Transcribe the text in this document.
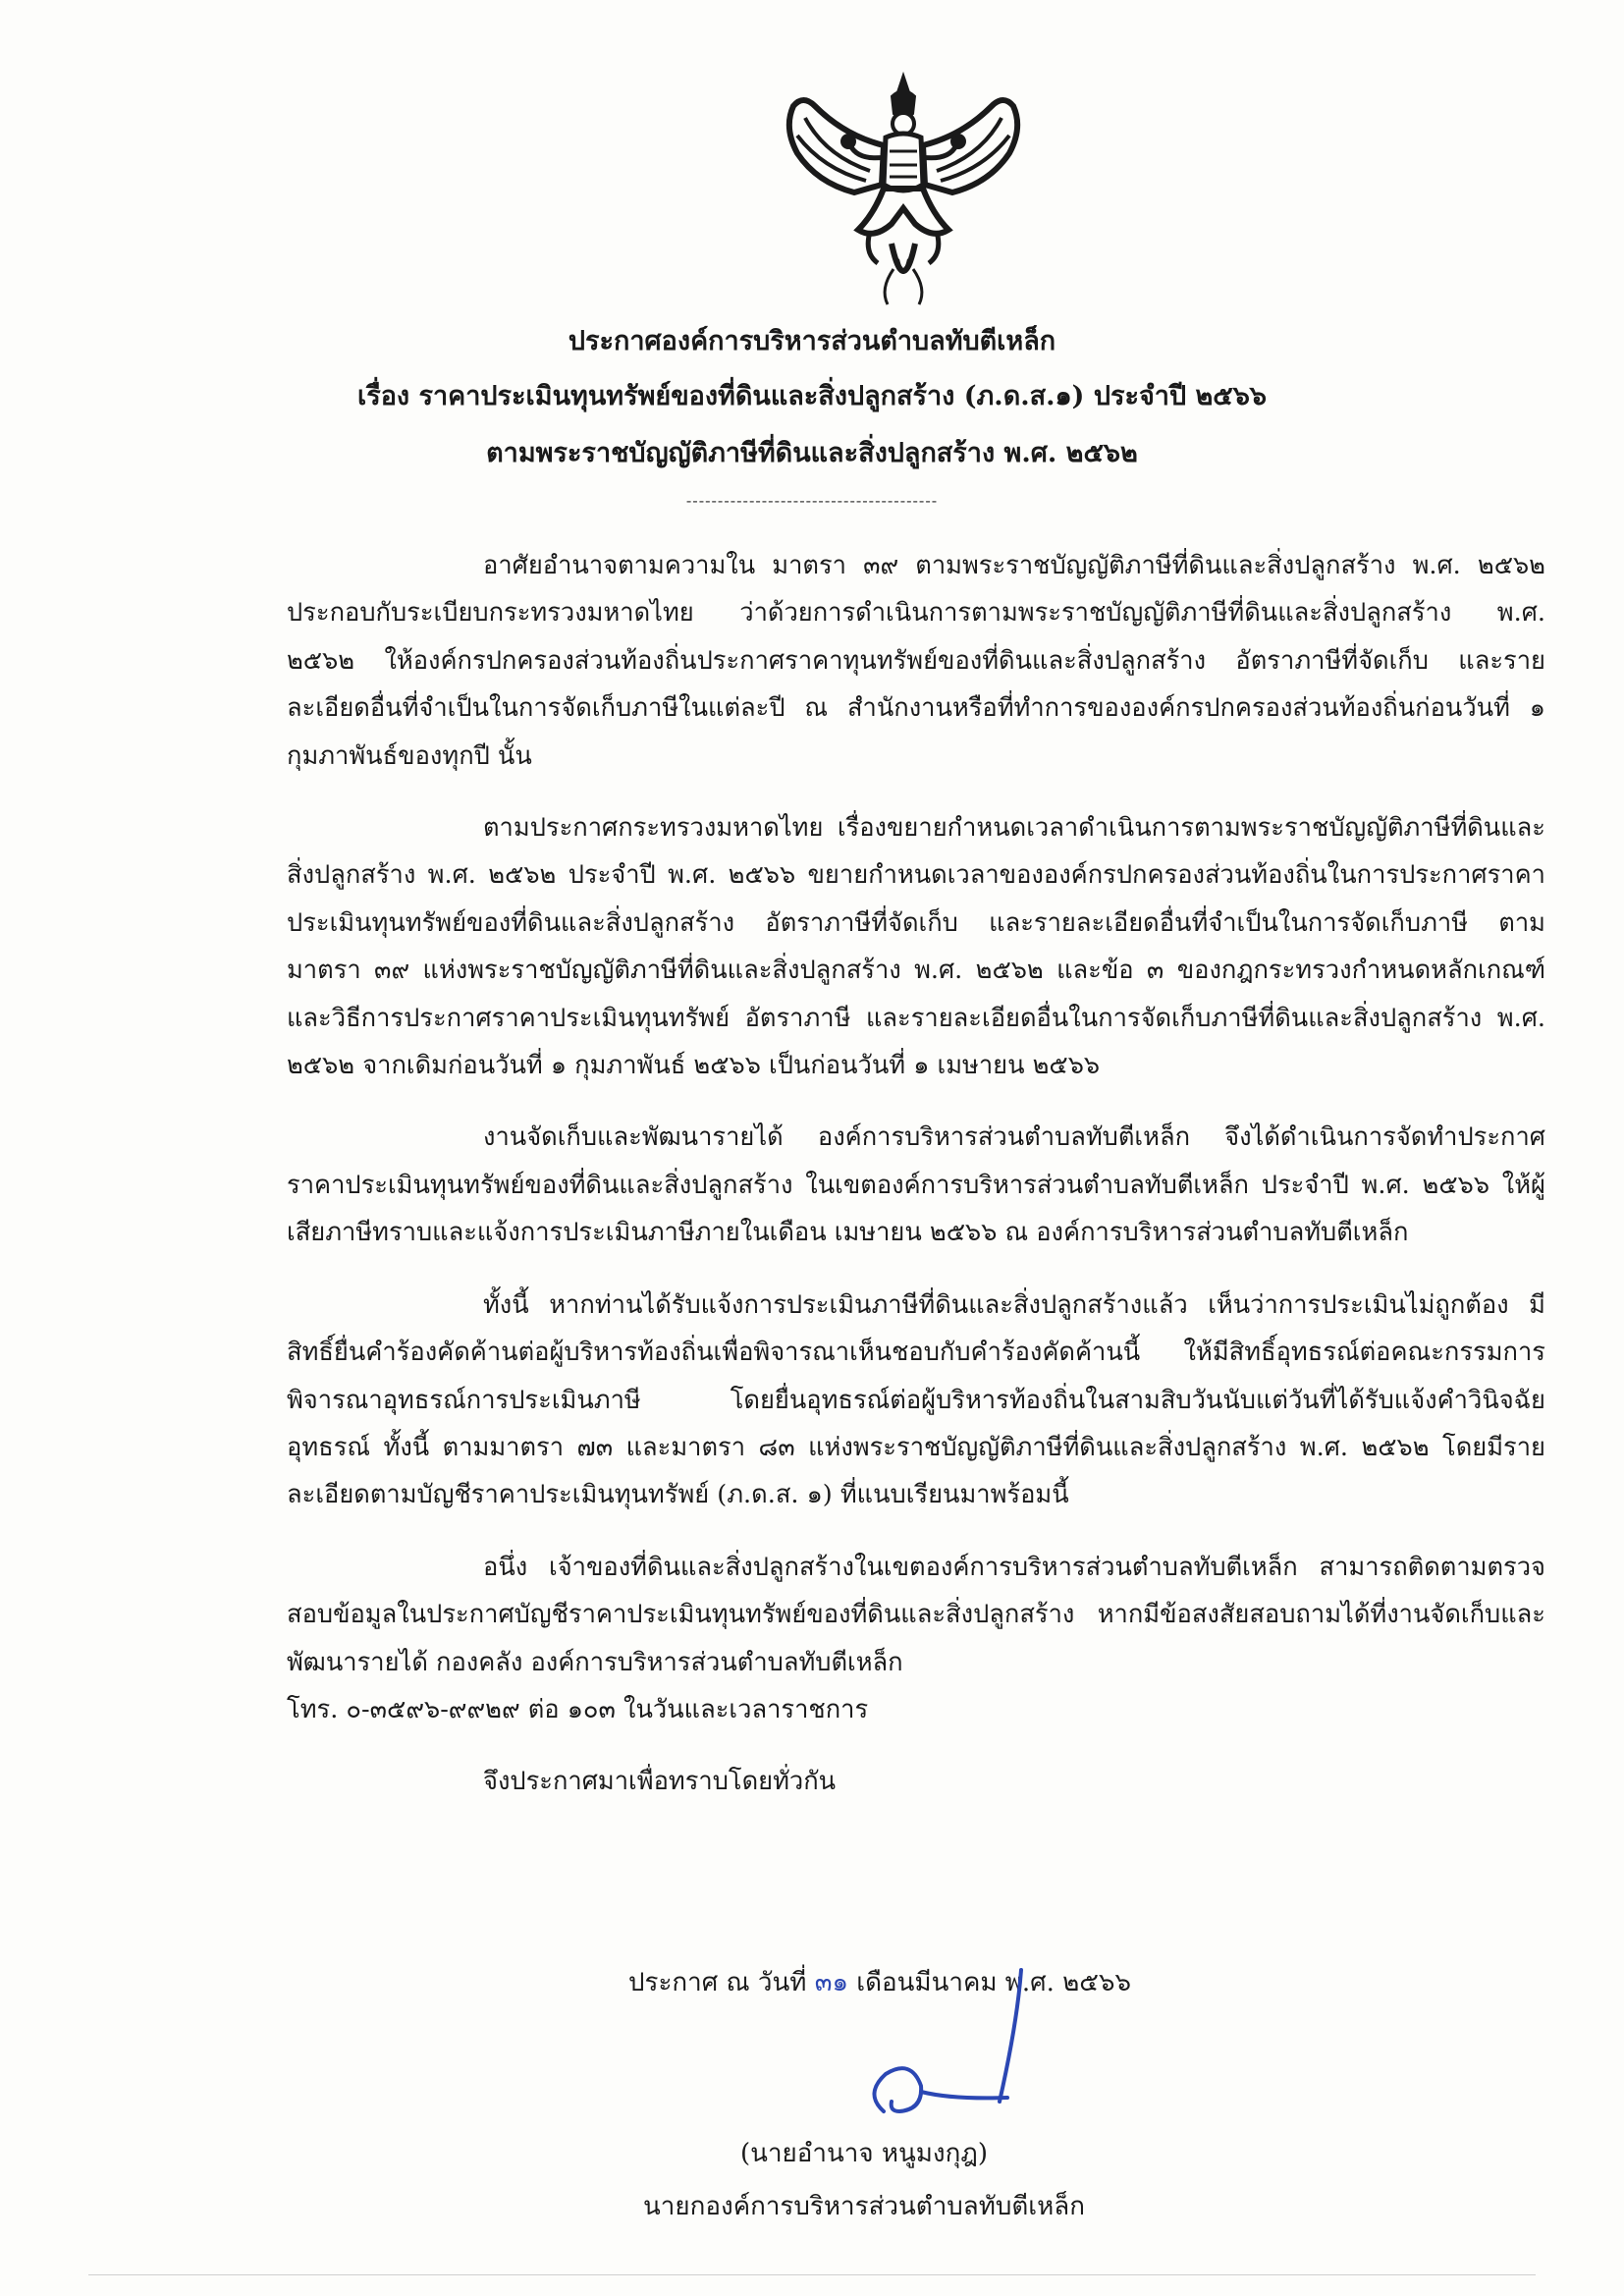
ประกาศองค์การบริหารส่วนตำบลทับตีเหล็ก
เรื่อง ราคาประเมินทุนทรัพย์ของที่ดินและสิ่งปลูกสร้าง (ภ.ด.ส.๑) ประจำปี ๒๕๖๖
ตามพระราชบัญญัติภาษีที่ดินและสิ่งปลูกสร้าง พ.ศ. ๒๕๖๒
----------------------------------------

อาศัยอำนาจตามความใน มาตรา ๓๙ ตามพระราชบัญญัติภาษีที่ดินและสิ่งปลูกสร้าง พ.ศ. ๒๕๖๒ ประกอบกับระเบียบกระทรวงมหาดไทย ว่าด้วยการดำเนินการตามพระราชบัญญัติภาษีที่ดินและสิ่งปลูกสร้าง พ.ศ. ๒๕๖๒ ให้องค์กรปกครองส่วนท้องถิ่นประกาศราคาทุนทรัพย์ของที่ดินและสิ่งปลูกสร้าง อัตราภาษีที่จัดเก็บ และรายละเอียดอื่นที่จำเป็นในการจัดเก็บภาษีในแต่ละปี ณ สำนักงานหรือที่ทำการขององค์กรปกครองส่วนท้องถิ่นก่อนวันที่ ๑ กุมภาพันธ์ของทุกปี นั้น

ตามประกาศกระทรวงมหาดไทย เรื่องขยายกำหนดเวลาดำเนินการตามพระราชบัญญัติภาษีที่ดินและสิ่งปลูกสร้าง พ.ศ. ๒๕๖๒ ประจำปี พ.ศ. ๒๕๖๖ ขยายกำหนดเวลาขององค์กรปกครองส่วนท้องถิ่นในการประกาศราคาประเมินทุนทรัพย์ของที่ดินและสิ่งปลูกสร้าง อัตราภาษีที่จัดเก็บ และรายละเอียดอื่นที่จำเป็นในการจัดเก็บภาษี ตามมาตรา ๓๙ แห่งพระราชบัญญัติภาษีที่ดินและสิ่งปลูกสร้าง พ.ศ. ๒๕๖๒ และข้อ ๓ ของกฎกระทรวงกำหนดหลักเกณฑ์และวิธีการประกาศราคาประเมินทุนทรัพย์ อัตราภาษี และรายละเอียดอื่นในการจัดเก็บภาษีที่ดินและสิ่งปลูกสร้าง พ.ศ. ๒๕๖๒ จากเดิมก่อนวันที่ ๑ กุมภาพันธ์ ๒๕๖๖ เป็นก่อนวันที่ ๑ เมษายน ๒๕๖๖

งานจัดเก็บและพัฒนารายได้ องค์การบริหารส่วนตำบลทับตีเหล็ก จึงได้ดำเนินการจัดทำประกาศราคาประเมินทุนทรัพย์ของที่ดินและสิ่งปลูกสร้าง ในเขตองค์การบริหารส่วนตำบลทับตีเหล็ก ประจำปี พ.ศ. ๒๕๖๖ ให้ผู้เสียภาษีทราบและแจ้งการประเมินภาษีภายในเดือน เมษายน ๒๕๖๖ ณ องค์การบริหารส่วนตำบลทับตีเหล็ก

ทั้งนี้ หากท่านได้รับแจ้งการประเมินภาษีที่ดินและสิ่งปลูกสร้างแล้ว เห็นว่าการประเมินไม่ถูกต้อง มีสิทธิ์ยื่นคำร้องคัดค้านต่อผู้บริหารท้องถิ่นเพื่อพิจารณาเห็นชอบกับคำร้องคัดค้านนี้ ให้มีสิทธิ์อุทธรณ์ต่อคณะกรรมการพิจารณาอุทธรณ์การประเมินภาษี โดยยื่นอุทธรณ์ต่อผู้บริหารท้องถิ่นในสามสิบวันนับแต่วันที่ได้รับแจ้งคำวินิจฉัยอุทธรณ์ ทั้งนี้ ตามมาตรา ๗๓ และมาตรา ๘๓ แห่งพระราชบัญญัติภาษีที่ดินและสิ่งปลูกสร้าง พ.ศ. ๒๕๖๒ โดยมีรายละเอียดตามบัญชีราคาประเมินทุนทรัพย์ (ภ.ด.ส. ๑) ที่แนบเรียนมาพร้อมนี้

อนึ่ง เจ้าของที่ดินและสิ่งปลูกสร้างในเขตองค์การบริหารส่วนตำบลทับตีเหล็ก สามารถติดตามตรวจสอบข้อมูลในประกาศบัญชีราคาประเมินทุนทรัพย์ของที่ดินและสิ่งปลูกสร้าง หากมีข้อสงสัยสอบถามได้ที่งานจัดเก็บและพัฒนารายได้ กองคลัง องค์การบริหารส่วนตำบลทับตีเหล็ก

โทร. ๐-๓๕๙๖-๙๙๒๙ ต่อ ๑๐๓ ในวันและเวลาราชการ

จึงประกาศมาเพื่อทราบโดยทั่วกัน

ประกาศ ณ วันที่ ๓๑ เดือนมีนาคม พ.ศ. ๒๕๖๖
(นายอำนาจ หนูมงกุฎ)
นายกองค์การบริหารส่วนตำบลทับตีเหล็ก
